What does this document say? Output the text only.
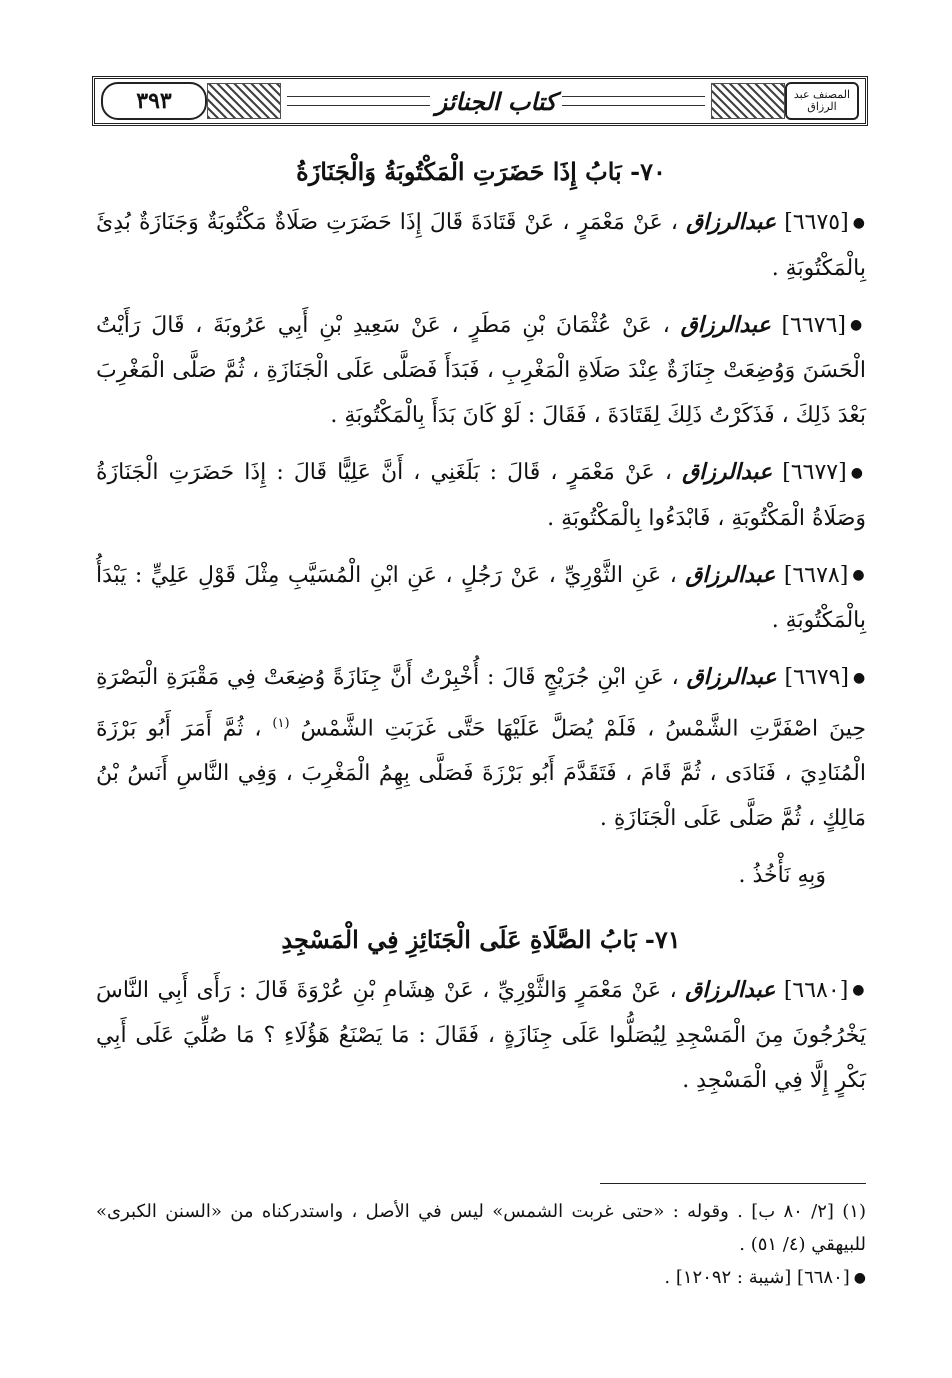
المصنف عبد الرزاق
كتاب الجنائز
٣٩٣
٧٠- بَابُ إِذَا حَضَرَتِ الْمَكْتُوبَةُ وَالْجَنَازَةُ

●[٦٦٧٥] عبدالرزاق ، عَنْ مَعْمَرٍ ، عَنْ قَتَادَةَ قَالَ إِذَا حَضَرَتِ صَلَاةٌ مَكْتُوبَةٌ وَجَنَازَةٌ بُدِئَ بِالْمَكْتُوبَةِ .

●[٦٦٧٦] عبدالرزاق ، عَنْ عُثْمَانَ بْنِ مَطَرٍ ، عَنْ سَعِيدِ بْنِ أَبِي عَرُوبَةَ ، قَالَ رَأَيْتُ الْحَسَنَ وَوُضِعَتْ جِنَازَةٌ عِنْدَ صَلَاةِ الْمَغْرِبِ ، فَبَدَأَ فَصَلَّى عَلَى الْجَنَازَةِ ، ثُمَّ صَلَّى الْمَغْرِبَ بَعْدَ ذَلِكَ ، فَذَكَرْتُ ذَلِكَ لِقَتَادَةَ ، فَقَالَ : لَوْ كَانَ بَدَأَ بِالْمَكْتُوبَةِ .

●[٦٦٧٧] عبدالرزاق ، عَنْ مَعْمَرٍ ، قَالَ : بَلَغَنِي ، أَنَّ عَلِيًّا قَالَ : إِذَا حَضَرَتِ الْجَنَازَةُ وَصَلَاةُ الْمَكْتُوبَةِ ، فَابْدَءُوا بِالْمَكْتُوبَةِ .

●[٦٦٧٨] عبدالرزاق ، عَنِ الثَّوْرِيِّ ، عَنْ رَجُلٍ ، عَنِ ابْنِ الْمُسَيَّبِ مِثْلَ قَوْلِ عَلِيٍّ : يَبْدَأُ بِالْمَكْتُوبَةِ .

●[٦٦٧٩] عبدالرزاق ، عَنِ ابْنِ جُرَيْجٍ قَالَ : أُخْبِرْتُ أَنَّ جِنَازَةً وُضِعَتْ فِي مَقْبَرَةِ الْبَصْرَةِ حِينَ اصْفَرَّتِ الشَّمْسُ ، فَلَمْ يُصَلَّ عَلَيْهَا حَتَّى غَرَبَتِ الشَّمْسُ $^{(١)}$ ، ثُمَّ أَمَرَ أَبُو بَرْزَةَ الْمُنَادِيَ ، فَنَادَى ، ثُمَّ قَامَ ، فَتَقَدَّمَ أَبُو بَرْزَةَ فَصَلَّى بِهِمُ الْمَغْرِبَ ، وَفِي النَّاسِ أَنَسُ بْنُ مَالِكٍ ، ثُمَّ صَلَّى عَلَى الْجَنَازَةِ .

وَبِهِ نَأْخُذُ .

٧١- بَابُ الصَّلَاةِ عَلَى الْجَنَائِزِ فِي الْمَسْجِدِ

●[٦٦٨٠] عبدالرزاق ، عَنْ مَعْمَرٍ وَالثَّوْرِيِّ ، عَنْ هِشَامِ بْنِ عُرْوَةَ قَالَ : رَأَى أَبِي النَّاسَ يَخْرُجُونَ مِنَ الْمَسْجِدِ لِيُصَلُّوا عَلَى جِنَازَةٍ ، فَقَالَ : مَا يَصْنَعُ هَؤُلَاءِ ؟ مَا صُلِّيَ عَلَى أَبِي بَكْرٍ إِلَّا فِي الْمَسْجِدِ .

(١) [٢/ ٨٠ ب] . وقوله : «حتى غربت الشمس» ليس في الأصل ، واستدركناه من «السنن الكبرى» للبيهقي (٤/ ٥١) .

●[٦٦٨٠] [شيبة : ١٢٠٩٢] .
